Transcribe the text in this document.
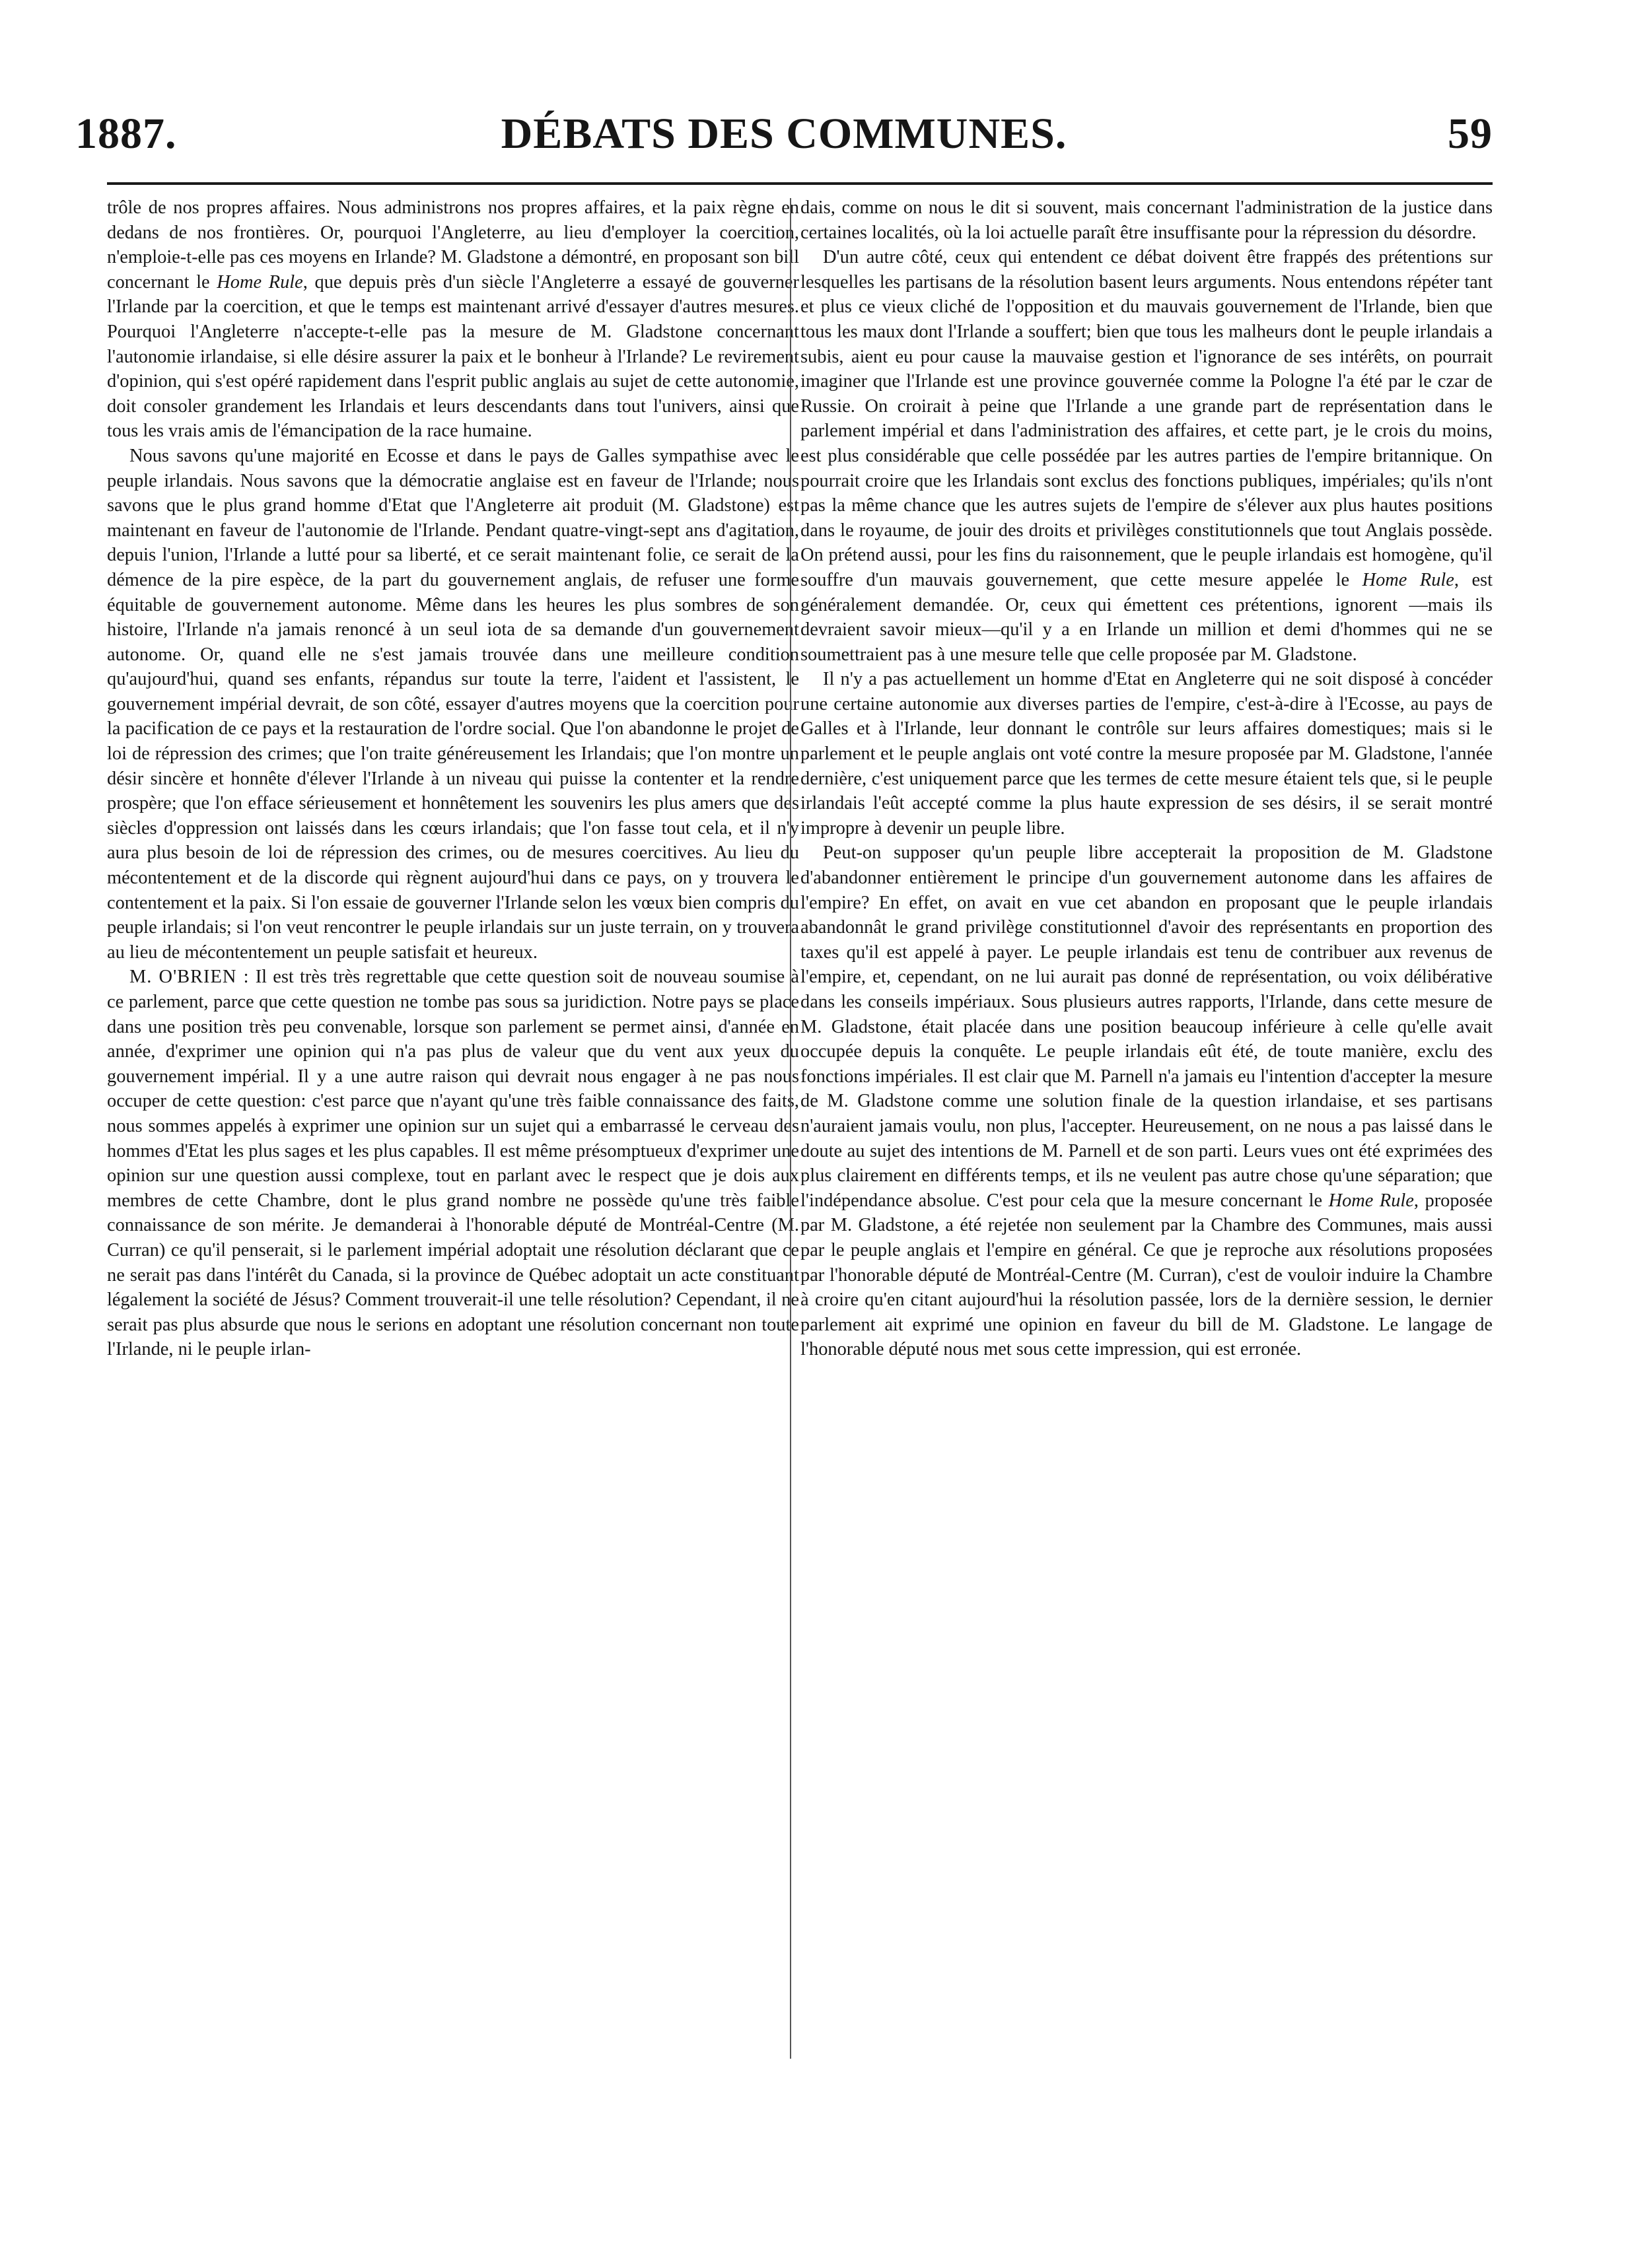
1887.	DÉBATS DES COMMUNES.	59

trôle de nos propres affaires. Nous administrons nos propres affaires, et la paix règne en dedans de nos frontières. Or, pourquoi l'Angleterre, au lieu d'employer la coercition, n'emploie-t-elle pas ces moyens en Irlande? M. Gladstone a démontré, en proposant son bill concernant le Home Rule, que depuis près d'un siècle l'Angleterre a essayé de gouverner l'Irlande par la coercition, et que le temps est maintenant arrivé d'essayer d'autres mesures. Pourquoi l'Angleterre n'accepte-t-elle pas la mesure de M. Gladstone concernant l'autonomie irlandaise, si elle désire assurer la paix et le bonheur à l'Irlande? Le revirement d'opinion, qui s'est opéré rapidement dans l'esprit public anglais au sujet de cette autonomie, doit consoler grandement les Irlandais et leurs descendants dans tout l'univers, ainsi que tous les vrais amis de l'émancipation de la race humaine.

Nous savons qu'une majorité en Ecosse et dans le pays de Galles sympathise avec le peuple irlandais. Nous savons que la démocratie anglaise est en faveur de l'Irlande; nous savons que le plus grand homme d'Etat que l'Angleterre ait produit (M. Gladstone) est maintenant en faveur de l'autonomie de l'Irlande. Pendant quatre-vingt-sept ans d'agitation, depuis l'union, l'Irlande a lutté pour sa liberté, et ce serait maintenant folie, ce serait de la démence de la pire espèce, de la part du gouvernement anglais, de refuser une forme équitable de gouvernement autonome. Même dans les heures les plus sombres de son histoire, l'Irlande n'a jamais renoncé à un seul iota de sa demande d'un gouvernement autonome. Or, quand elle ne s'est jamais trouvée dans une meilleure condition qu'aujourd'hui, quand ses enfants, répandus sur toute la terre, l'aident et l'assistent, le gouvernement impérial devrait, de son côté, essayer d'autres moyens que la coercition pour la pacification de ce pays et la restauration de l'ordre social. Que l'on abandonne le projet de loi de répression des crimes; que l'on traite généreusement les Irlandais; que l'on montre un désir sincère et honnête d'élever l'Irlande à un niveau qui puisse la contenter et la rendre prospère; que l'on efface sérieusement et honnêtement les souvenirs les plus amers que des siècles d'oppression ont laissés dans les cœurs irlandais; que l'on fasse tout cela, et il n'y aura plus besoin de loi de répression des crimes, ou de mesures coercitives. Au lieu du mécontentement et de la discorde qui règnent aujourd'hui dans ce pays, on y trouvera le contentement et la paix. Si l'on essaie de gouverner l'Irlande selon les vœux bien compris du peuple irlandais; si l'on veut rencontrer le peuple irlandais sur un juste terrain, on y trouvera au lieu de mécontentement un peuple satisfait et heureux.

M. O'BRIEN : Il est très très regrettable que cette question soit de nouveau soumise à ce parlement, parce que cette question ne tombe pas sous sa juridiction. Notre pays se place dans une position très peu convenable, lorsque son parlement se permet ainsi, d'année en année, d'exprimer une opinion qui n'a pas plus de valeur que du vent aux yeux du gouvernement impérial. Il y a une autre raison qui devrait nous engager à ne pas nous occuper de cette question: c'est parce que n'ayant qu'une très faible connaissance des faits, nous sommes appelés à exprimer une opinion sur un sujet qui a embarrassé le cerveau des hommes d'Etat les plus sages et les plus capables. Il est même présomptueux d'exprimer une opinion sur une question aussi complexe, tout en parlant avec le respect que je dois aux membres de cette Chambre, dont le plus grand nombre ne possède qu'une très faible connaissance de son mérite. Je demanderai à l'honorable député de Montréal-Centre (M. Curran) ce qu'il penserait, si le parlement impérial adoptait une résolution déclarant que ce ne serait pas dans l'intérêt du Canada, si la province de Québec adoptait un acte constituant légalement la société de Jésus? Comment trouverait-il une telle résolution? Cependant, il ne serait pas plus absurde que nous le serions en adoptant une résolution concernant non toute l'Irlande, ni le peuple irlan-

dais, comme on nous le dit si souvent, mais concernant l'administration de la justice dans certaines localités, où la loi actuelle paraît être insuffisante pour la répression du désordre.

D'un autre côté, ceux qui entendent ce débat doivent être frappés des prétentions sur lesquelles les partisans de la résolution basent leurs arguments. Nous entendons répéter tant et plus ce vieux cliché de l'opposition et du mauvais gouvernement de l'Irlande, bien que tous les maux dont l'Irlande a souffert; bien que tous les malheurs dont le peuple irlandais a subis, aient eu pour cause la mauvaise gestion et l'ignorance de ses intérêts, on pourrait imaginer que l'Irlande est une province gouvernée comme la Pologne l'a été par le czar de Russie. On croirait à peine que l'Irlande a une grande part de représentation dans le parlement impérial et dans l'administration des affaires, et cette part, je le crois du moins, est plus considérable que celle possédée par les autres parties de l'empire britannique. On pourrait croire que les Irlandais sont exclus des fonctions publiques, impériales; qu'ils n'ont pas la même chance que les autres sujets de l'empire de s'élever aux plus hautes positions dans le royaume, de jouir des droits et privilèges constitutionnels que tout Anglais possède. On prétend aussi, pour les fins du raisonnement, que le peuple irlandais est homogène, qu'il souffre d'un mauvais gouvernement, que cette mesure appelée le Home Rule, est généralement demandée. Or, ceux qui émettent ces prétentions, ignorent —mais ils devraient savoir mieux—qu'il y a en Irlande un million et demi d'hommes qui ne se soumettraient pas à une mesure telle que celle proposée par M. Gladstone.

Il n'y a pas actuellement un homme d'Etat en Angleterre qui ne soit disposé à concéder une certaine autonomie aux diverses parties de l'empire, c'est-à-dire à l'Ecosse, au pays de Galles et à l'Irlande, leur donnant le contrôle sur leurs affaires domestiques; mais si le parlement et le peuple anglais ont voté contre la mesure proposée par M. Gladstone, l'année dernière, c'est uniquement parce que les termes de cette mesure étaient tels que, si le peuple irlandais l'eût accepté comme la plus haute expression de ses désirs, il se serait montré impropre à devenir un peuple libre.

Peut-on supposer qu'un peuple libre accepterait la proposition de M. Gladstone d'abandonner entièrement le principe d'un gouvernement autonome dans les affaires de l'empire? En effet, on avait en vue cet abandon en proposant que le peuple irlandais abandonnât le grand privilège constitutionnel d'avoir des représentants en proportion des taxes qu'il est appelé à payer. Le peuple irlandais est tenu de contribuer aux revenus de l'empire, et, cependant, on ne lui aurait pas donné de représentation, ou voix délibérative dans les conseils impériaux. Sous plusieurs autres rapports, l'Irlande, dans cette mesure de M. Gladstone, était placée dans une position beaucoup inférieure à celle qu'elle avait occupée depuis la conquête. Le peuple irlandais eût été, de toute manière, exclu des fonctions impériales. Il est clair que M. Parnell n'a jamais eu l'intention d'accepter la mesure de M. Gladstone comme une solution finale de la question irlandaise, et ses partisans n'auraient jamais voulu, non plus, l'accepter. Heureusement, on ne nous a pas laissé dans le doute au sujet des intentions de M. Parnell et de son parti. Leurs vues ont été exprimées des plus clairement en différents temps, et ils ne veulent pas autre chose qu'une séparation; que l'indépendance absolue. C'est pour cela que la mesure concernant le Home Rule, proposée par M. Gladstone, a été rejetée non seulement par la Chambre des Communes, mais aussi par le peuple anglais et l'empire en général. Ce que je reproche aux résolutions proposées par l'honorable député de Montréal-Centre (M. Curran), c'est de vouloir induire la Chambre à croire qu'en citant aujourd'hui la résolution passée, lors de la dernière session, le dernier parlement ait exprimé une opinion en faveur du bill de M. Gladstone. Le langage de l'honorable député nous met sous cette impression, qui est erronée.
